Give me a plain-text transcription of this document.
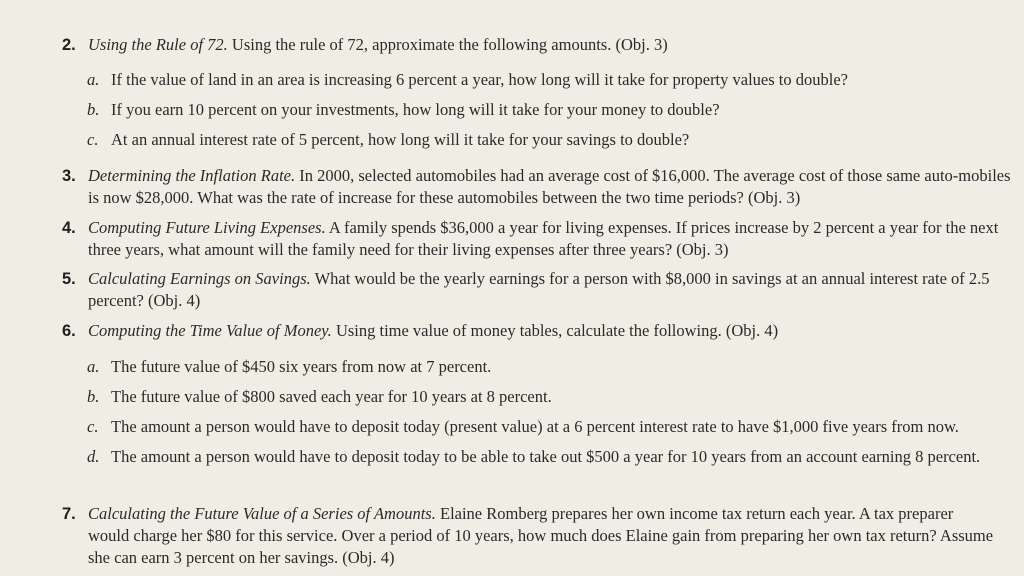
2. Using the Rule of 72. Using the rule of 72, approximate the following amounts. (Obj. 3)
a. If the value of land in an area is increasing 6 percent a year, how long will it take for property values to double?
b. If you earn 10 percent on your investments, how long will it take for your money to double?
c. At an annual interest rate of 5 percent, how long will it take for your savings to double?
3. Determining the Inflation Rate. In 2000, selected automobiles had an average cost of $16,000. The average cost of those same auto-mobiles is now $28,000. What was the rate of increase for these automobiles between the two time periods? (Obj. 3)
4. Computing Future Living Expenses. A family spends $36,000 a year for living expenses. If prices increase by 2 percent a year for the next three years, what amount will the family need for their living expenses after three years? (Obj. 3)
5. Calculating Earnings on Savings. What would be the yearly earnings for a person with $8,000 in savings at an annual interest rate of 2.5 percent? (Obj. 4)
6. Computing the Time Value of Money. Using time value of money tables, calculate the following. (Obj. 4)
a. The future value of $450 six years from now at 7 percent.
b. The future value of $800 saved each year for 10 years at 8 percent.
c. The amount a person would have to deposit today (present value) at a 6 percent interest rate to have $1,000 five years from now.
d. The amount a person would have to deposit today to be able to take out $500 a year for 10 years from an account earning 8 percent.
7. Calculating the Future Value of a Series of Amounts. Elaine Romberg prepares her own income tax return each year. A tax preparer would charge her $80 for this service. Over a period of 10 years, how much does Elaine gain from preparing her own tax return? Assume she can earn 3 percent on her savings. (Obj. 4)
